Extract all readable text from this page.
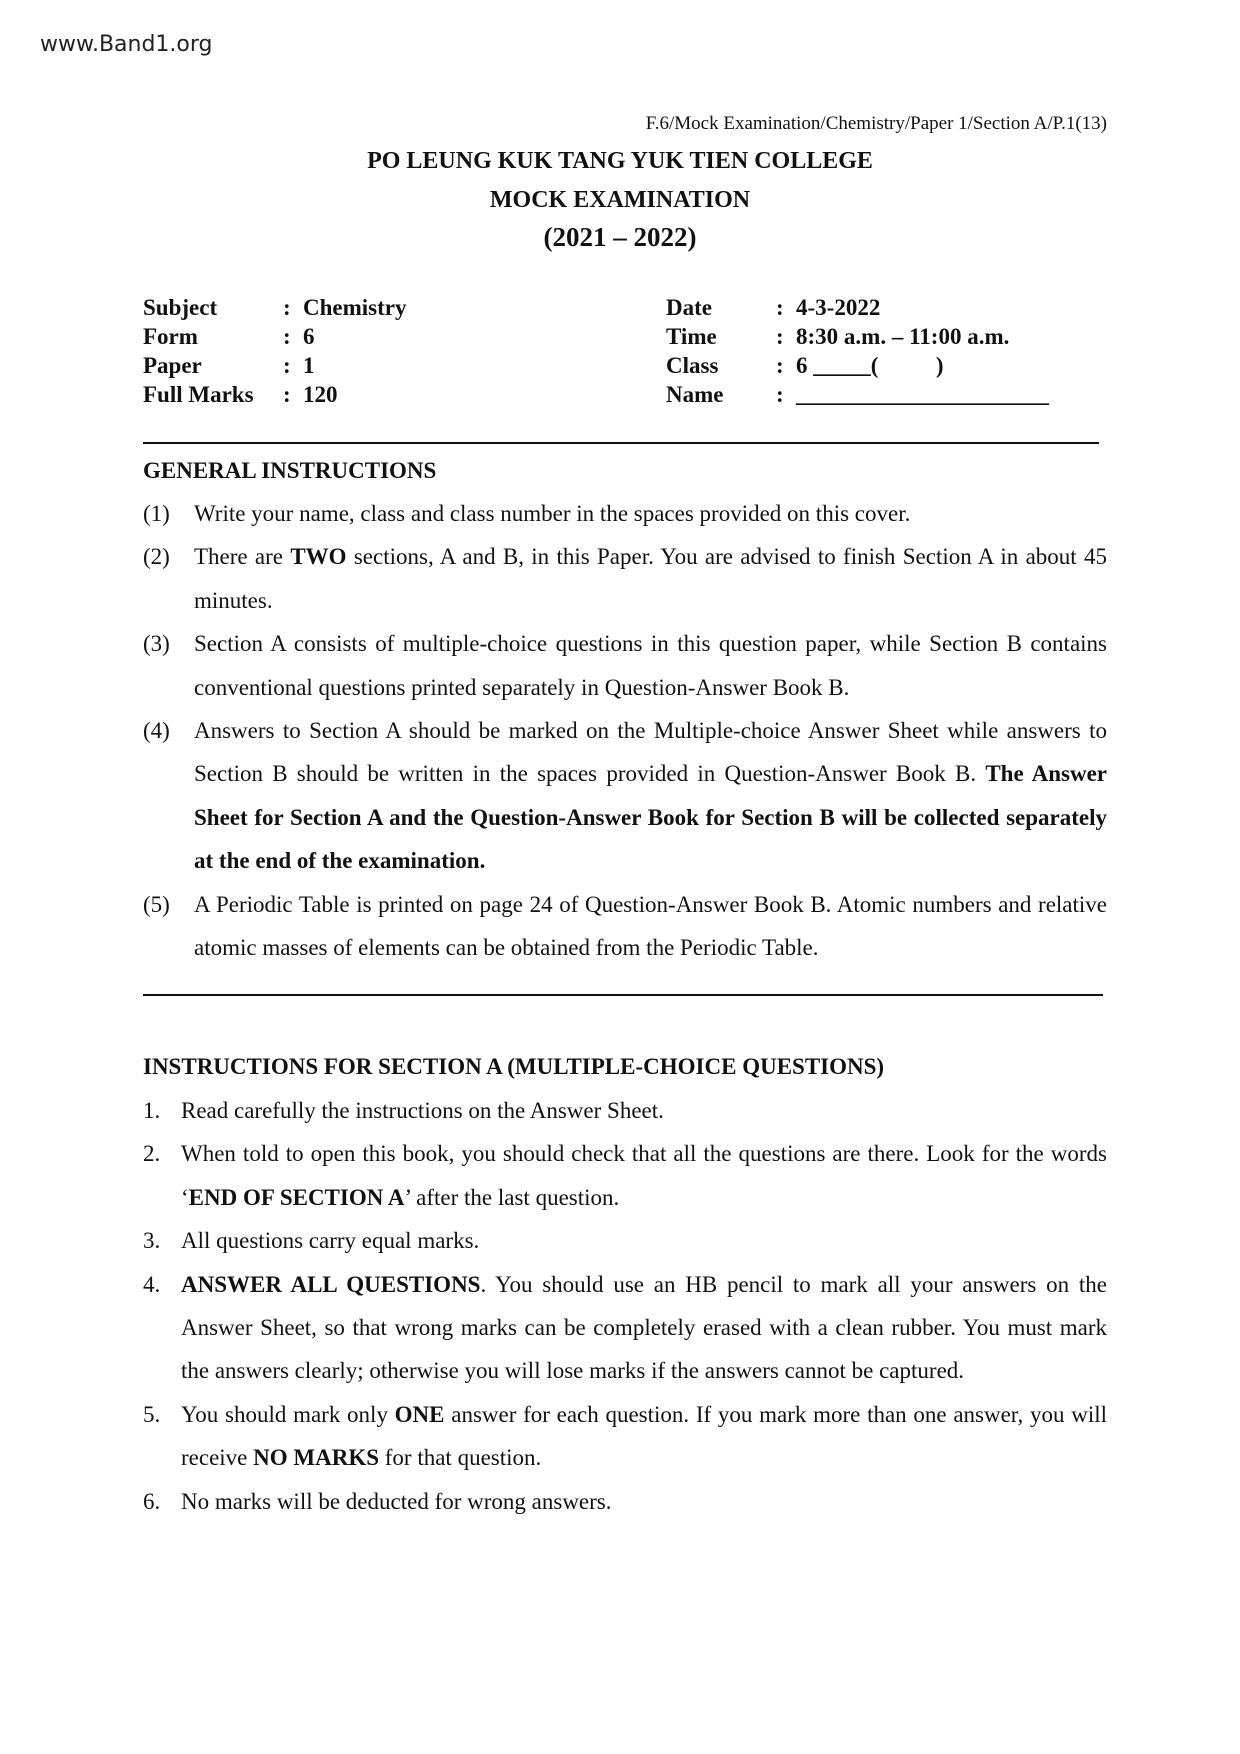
www.Band1.org
F.6/Mock Examination/Chemistry/Paper 1/Section A/P.1(13)
PO LEUNG KUK TANG YUK TIEN COLLEGE
MOCK EXAMINATION
(2021 – 2022)
Subject	: Chemistry
Form	: 6
Paper	: 1
Full Marks	: 120
Date	: 4-3-2022
Time	: 8:30 a.m. – 11:00 a.m.
Class	: 6 _____(          )
Name	: ______________________
GENERAL INSTRUCTIONS
(1)	Write your name, class and class number in the spaces provided on this cover.
(2)	There are TWO sections, A and B, in this Paper. You are advised to finish Section A in about 45 minutes.
(3)	Section A consists of multiple-choice questions in this question paper, while Section B contains conventional questions printed separately in Question-Answer Book B.
(4)	Answers to Section A should be marked on the Multiple-choice Answer Sheet while answers to Section B should be written in the spaces provided in Question-Answer Book B. The Answer Sheet for Section A and the Question-Answer Book for Section B will be collected separately at the end of the examination.
(5)	A Periodic Table is printed on page 24 of Question-Answer Book B. Atomic numbers and relative atomic masses of elements can be obtained from the Periodic Table.
INSTRUCTIONS FOR SECTION A (MULTIPLE-CHOICE QUESTIONS)
1. Read carefully the instructions on the Answer Sheet.
2. When told to open this book, you should check that all the questions are there. Look for the words ‘END OF SECTION A’ after the last question.
3. All questions carry equal marks.
4. ANSWER ALL QUESTIONS. You should use an HB pencil to mark all your answers on the Answer Sheet, so that wrong marks can be completely erased with a clean rubber. You must mark the answers clearly; otherwise you will lose marks if the answers cannot be captured.
5. You should mark only ONE answer for each question. If you mark more than one answer, you will receive NO MARKS for that question.
6. No marks will be deducted for wrong answers.
